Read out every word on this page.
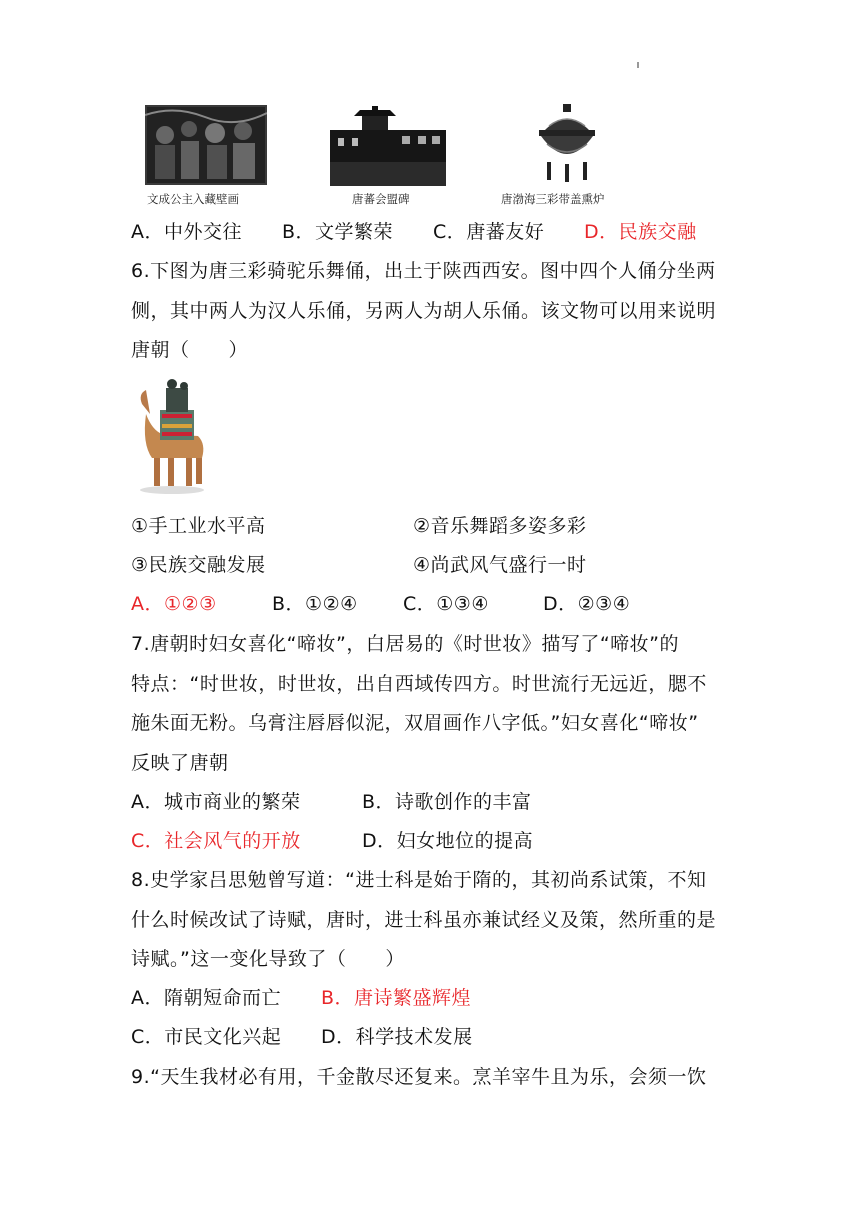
文成公主入藏壁画	唐蕃会盟碑	唐渤海三彩带盖熏炉
A．中外交往 B．文学繁荣 C．唐蕃友好 D．民族交融
6.下图为唐三彩骑驼乐舞俑，出土于陕西西安。图中四个人俑分坐两
侧，其中两人为汉人乐俑，另两人为胡人乐俑。该文物可以用来说明
唐朝（　　）
①手工业水平高	②音乐舞蹈多姿多彩
③民族交融发展	④尚武风气盛行一时
A．①②③	B．①②④ C．①③④	D．②③④
7.唐朝时妇女喜化“啼妆”，白居易的《时世妆》描写了“啼妆”的
特点：“时世妆，时世妆，出自西域传四方。时世流行无远近，腮不
施朱面无粉。乌膏注唇唇似泥，双眉画作八字低。”妇女喜化“啼妆”
反映了唐朝
A．城市商业的繁荣	B．诗歌创作的丰富
C．社会风气的开放	D．妇女地位的提高
8.史学家吕思勉曾写道：“进士科是始于隋的，其初尚系试策，不知
什么时候改试了诗赋，唐时，进士科虽亦兼试经义及策，然所重的是
诗赋。”这一变化导致了（　　）
A．隋朝短命而亡 B．唐诗繁盛辉煌
C．市民文化兴起 D．科学技术发展
9.“天生我材必有用，千金散尽还复来。烹羊宰牛且为乐，会须一饮
